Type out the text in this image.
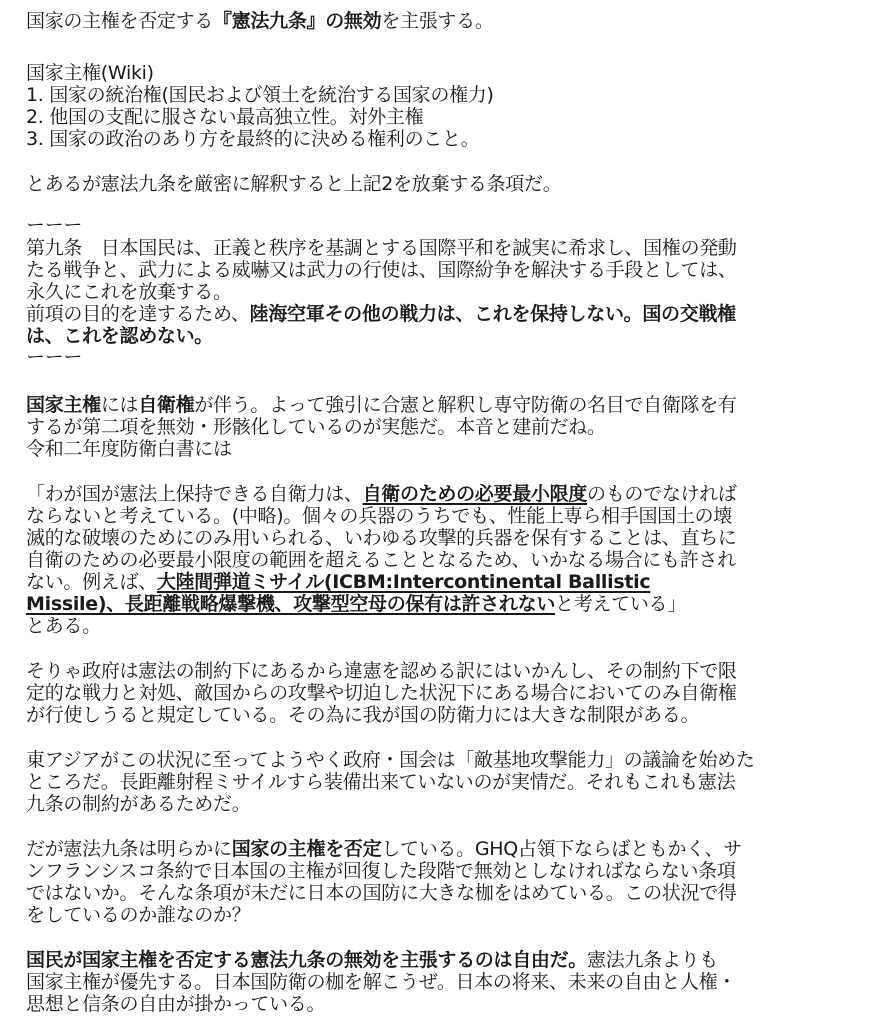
国家の主権を否定する『憲法九条』の無効を主張する。
国家主権(Wiki)
1. 国家の統治権(国民および領土を統治する国家の権力)
2. 他国の支配に服さない最高独立性。対外主権
3. 国家の政治のあり方を最終的に決める権利のこと。
とあるが憲法九条を厳密に解釈すると上記2を放棄する条項だ。
ーーー
第九条　日本国民は、正義と秩序を基調とする国際平和を誠実に希求し、国権の発動
たる戦争と、武力による威嚇又は武力の行使は、国際紛争を解決する手段としては、
永久にこれを放棄する。
前項の目的を達するため、陸海空軍その他の戦力は、これを保持しない。国の交戦権
は、これを認めない。
ーーー
国家主権には自衛権が伴う。よって強引に合憲と解釈し専守防衛の名目で自衛隊を有
するが第二項を無効・形骸化しているのが実態だ。本音と建前だね。
令和二年度防衛白書には
「わが国が憲法上保持できる自衛力は、自衛のための必要最小限度のものでなければ
ならないと考えている。(中略)。個々の兵器のうちでも、性能上専ら相手国国土の壊
滅的な破壊のためにのみ用いられる、いわゆる攻撃的兵器を保有することは、直ちに
自衛のための必要最小限度の範囲を超えることとなるため、いかなる場合にも許され
ない。例えば、大陸間弾道ミサイル(ICBM:Intercontinental Ballistic
Missile)、長距離戦略爆撃機、攻撃型空母の保有は許されないと考えている」
とある。
そりゃ政府は憲法の制約下にあるから違憲を認める訳にはいかんし、その制約下で限
定的な戦力と対処、敵国からの攻撃や切迫した状況下にある場合においてのみ自衛権
が行使しうると規定している。その為に我が国の防衛力には大きな制限がある。
東アジアがこの状況に至ってようやく政府・国会は「敵基地攻撃能力」の議論を始めた
ところだ。長距離射程ミサイルすら装備出来ていないのが実情だ。それもこれも憲法
九条の制約があるためだ。
だが憲法九条は明らかに国家の主権を否定している。GHQ占領下ならばともかく、サ
ンフランシスコ条約で日本国の主権が回復した段階で無効としなければならない条項
ではないか。そんな条項が未だに日本の国防に大きな枷をはめている。この状況で得
をしているのか誰なのか？
国民が国家主権を否定する憲法九条の無効を主張するのは自由だ。憲法九条よりも
国家主権が優先する。日本国防衛の枷を解こうぜ。日本の将来、未来の自由と人権・
思想と信条の自由が掛かっている。
